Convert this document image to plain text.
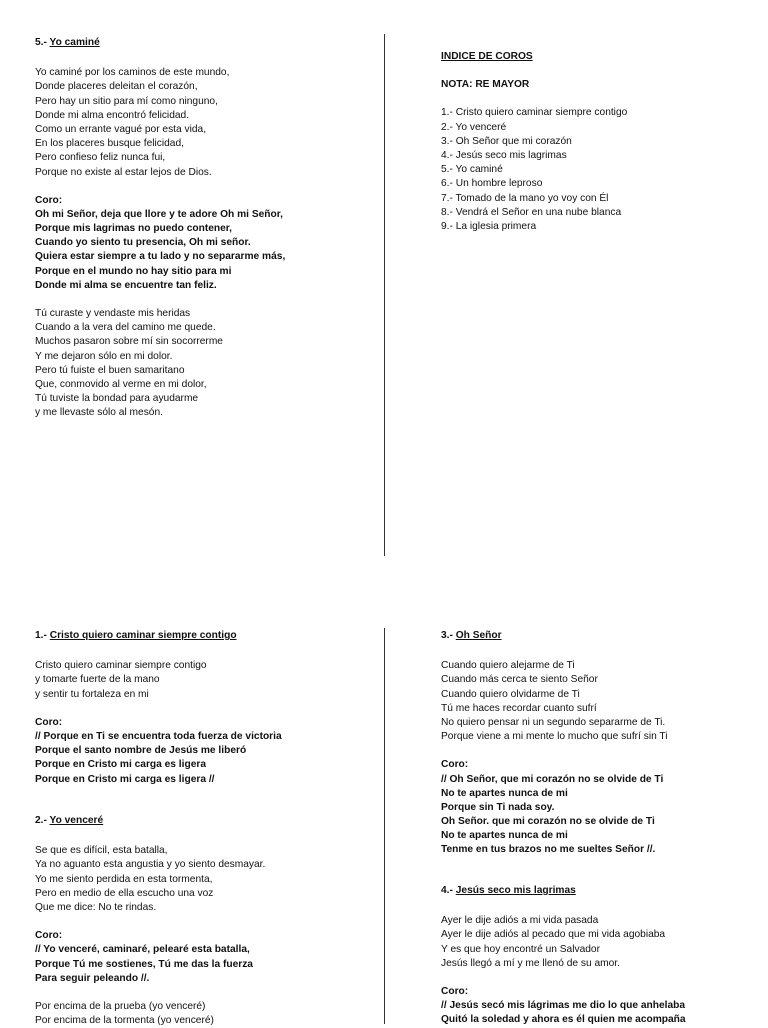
5.- Yo caminé

Yo caminé por los caminos de este mundo,

Donde placeres deleitan el corazón,

Pero hay un sitio para mí como ninguno,

Donde mi alma encontró felicidad.

Como un errante vagué por esta vida,

En los placeres busque felicidad,

Pero confieso feliz nunca fui,

Porque no existe al estar lejos de Dios.

Coro:

Oh mi Señor, deja que llore y te adore Oh mi Señor,

Porque mis lagrimas no puedo contener,

Cuando yo siento tu presencia, Oh mi señor.

Quiera estar siempre a tu lado y no separarme más,

Porque en el mundo no hay sitio para mi

Donde mi alma se encuentre tan feliz.

Tú curaste y vendaste mis heridas

Cuando a la vera del camino me quede.

Muchos pasaron sobre mí sin socorrerme

Y me dejaron sólo en mi dolor.

Pero tú fuiste el buen samaritano

Que, conmovido al verme en mi dolor,

Tú tuviste la bondad para ayudarme

y me llevaste sólo al mesón.

INDICE DE COROS

NOTA: RE MAYOR

1.- Cristo quiero caminar siempre contigo

2.- Yo venceré

3.- Oh Señor que mi corazón

4.- Jesús seco mis lagrimas

5.- Yo caminé

6.- Un hombre leproso

7.- Tomado de la mano yo voy con Él

8.- Vendrá el Señor en una nube blanca

9.- La iglesia primera

1.- Cristo quiero caminar siempre contigo

Cristo quiero caminar siempre contigo

y tomarte fuerte de la mano

y sentir tu fortaleza en mi

Coro:

// Porque en Ti se encuentra toda fuerza de victoria

Porque el santo nombre de Jesús me liberó

Porque en Cristo mi carga es ligera

Porque en Cristo mi carga es ligera //

2.- Yo venceré

Se que es difícil, esta batalla,

Ya no aguanto esta angustia y yo siento desmayar.

Yo me siento perdida en esta tormenta,

Pero en medio de ella escucho una voz

Que me dice: No te rindas.

Coro:

// Yo venceré, caminaré, pelearé esta batalla,

Porque Tú me sostienes, Tú me das la fuerza

Para seguir peleando //.

Por encima de la prueba (yo venceré)

Por encima de la tormenta (yo venceré)

3.- Oh Señor

Cuando quiero alejarme de Ti

Cuando más cerca te siento Señor

Cuando quiero olvidarme de Ti

Tú me haces recordar cuanto sufrí

No quiero pensar ni un segundo separarme de Ti.

Porque viene a mi mente lo mucho que sufrí sin Ti

Coro:

// Oh Señor, que mi corazón no se olvide de Ti

No te apartes nunca de mi

Porque sin Ti nada soy.

Oh Señor. que mi corazón no se olvide de Ti

No te apartes nunca de mi

Tenme en tus brazos no me sueltes Señor //.

4.- Jesús seco mis lagrimas

Ayer le dije adiós a mi vida pasada

Ayer le dije adiós al pecado que mi vida agobiaba

Y es que hoy encontré un Salvador

Jesús llegó a mí y me llenó de su amor.

Coro:

// Jesús secó mis lágrimas me dio lo que anhelaba

Quitó la soledad y ahora es él quien me acompaña
